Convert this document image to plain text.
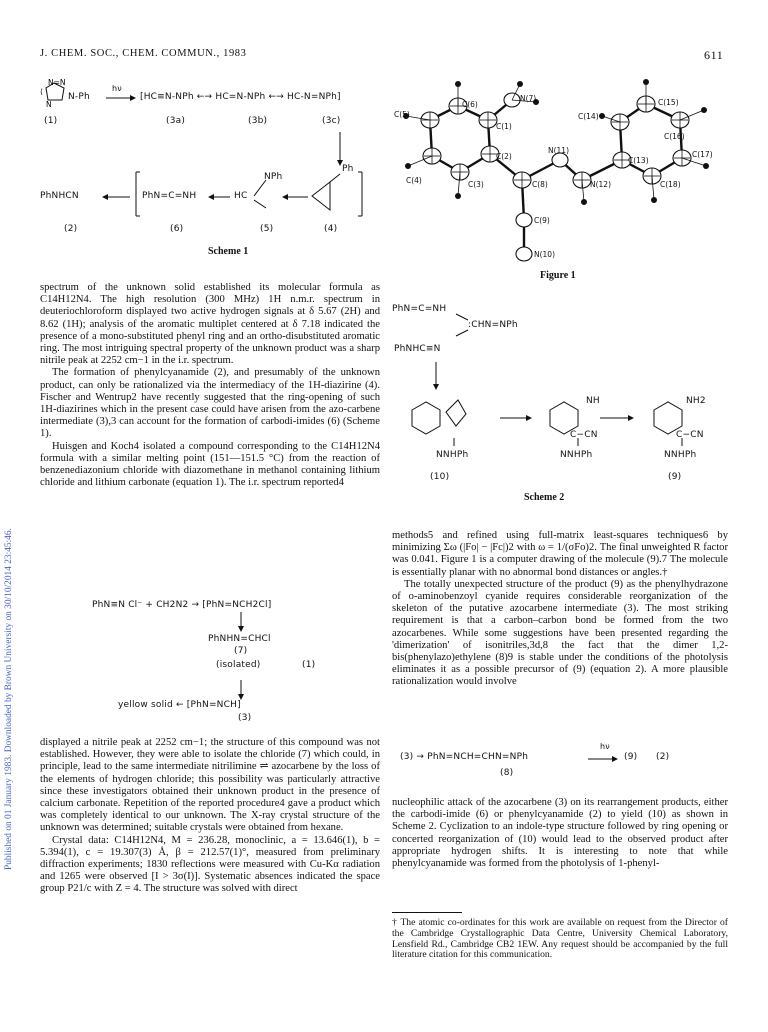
J. CHEM. SOC., CHEM. COMMUN., 1983	611
Published on 01 January 1983. Downloaded by Brown University on 30/10/2014 23:45:46.
N=N
⟨
N
N-Ph
hν
[HC≡N-NPh ←→ HC=N-NPh ←→ HC-N=NPh]
(1)	(3a)	(3b)	(3c)
PhNHCN	PhN=C=NH	HC
NPh
Ph
(2)	(6)	(5)	(4)
Scheme 1

spectrum of the unknown solid established its molecular formula as C14H12N4. The high resolution (300 MHz) 1H n.m.r. spectrum in deuteriochloroform displayed two active hydrogen signals at δ 5.67 (2H) and 8.62 (1H); analysis of the aromatic multiplet centered at δ 7.18 indicated the presence of a mono-substituted phenyl ring and an ortho-disubstituted aromatic ring. The most intriguing spectral property of the unknown product was a sharp nitrile peak at 2252 cm−1 in the i.r. spectrum.

The formation of phenylcyanamide (2), and presumably of the unknown product, can only be rationalized via the intermediacy of the 1H-diazirine (4). Fischer and Wentrup2 have recently suggested that the ring-opening of such 1H-diazirines which in the present case could have arisen from the azo-carbene intermediate (3),3 can account for the formation of carbodi-imides (6) (Scheme 1).

Huisgen and Koch4 isolated a compound corresponding to the C14H12N4 formula with a similar melting point (151—151.5 °C) from the reaction of benzenediazonium chloride with diazomethane in methanol containing lithium chloride and lithium carbonate (equation 1). The i.r. spectrum reported4

PhN≡N Cl⁻ + CH2N2 → [PhN=NCH2Cl]
PhNHN=CHCl
(7)
(isolated)	(1)
yellow solid ← [PhN=NCH]
(3)

displayed a nitrile peak at 2252 cm−1; the structure of this compound was not established. However, they were able to isolate the chloride (7) which could, in principle, lead to the same intermediate nitrilimine ⇌ azocarbene by the loss of the elements of hydrogen chloride; this possibility was particularly attractive since these investigators obtained their unknown product in the presence of calcium carbonate. Repetition of the reported procedure4 gave a product which was completely identical to our unknown. The X-ray crystal structure of the unknown was determined; suitable crystals were obtained from hexane.

Crystal data: C14H12N4, M = 236.28, monoclinic, a = 13.646(1), b = 5.394(1), c = 19.307(3) Å, β = 212.57(1)°, measured from preliminary diffraction experiments; 1830 reflections were measured with Cu-Kα radiation and 1265 were observed [I > 3σ(I)]. Systematic absences indicated the space group P21/c with Z = 4. The structure was solved with direct

C(6)
N(7)
C(5)
C(1)
C(14)
C(15)
C(16)
N(11)
C(2)	C(13)
C(17)
C(4)	C(3)	C(8)	N(12)	C(18)
C(9)
N(10)
Figure 1
PhN=C=NH
:CHN=NPh
PhNHC≡N
NH	NH2
C−CN	C−CN
NNHPh	NNHPh	NNHPh
(10)	(9)
Scheme 2

methods5 and refined using full-matrix least-squares techniques6 by minimizing Σω (|Fo| − |Fc|)2 with ω = 1/(σFo)2. The final unweighted R factor was 0.041. Figure 1 is a computer drawing of the molecule (9).7 The molecule is essentially planar with no abnormal bond distances or angles.†

The totally unexpected structure of the product (9) as the phenylhydrazone of o-aminobenzoyl cyanide requires considerable reorganization of the skeleton of the putative azocarbene intermediate (3). The most striking requirement is that a carbon–carbon bond be formed from the two azocarbenes. While some suggestions have been presented regarding the 'dimerization' of isonitriles,3d,8 the fact that the dimer 1,2-bis(phenylazo)ethylene (8)9 is stable under the conditions of the photolysis eliminates it as a possible precursor of (9) (equation 2). A more plausible rationalization would involve

(3) → PhN=NCH=CHN=NPh
hν
(9) (2)
(8)

nucleophilic attack of the azocarbene (3) on its rearrangement products, either the carbodi-imide (6) or phenylcyanamide (2) to yield (10) as shown in Scheme 2. Cyclization to an indole-type structure followed by ring opening or concerted reorganization of (10) would lead to the observed product after appropriate hydrogen shifts. It is interesting to note that while phenylcyanamide was formed from the photolysis of 1-phenyl-

† The atomic co-ordinates for this work are available on request from the Director of the Cambridge Crystallographic Data Centre, University Chemical Laboratory, Lensfield Rd., Cambridge CB2 1EW. Any request should be accompanied by the full literature citation for this communication.
